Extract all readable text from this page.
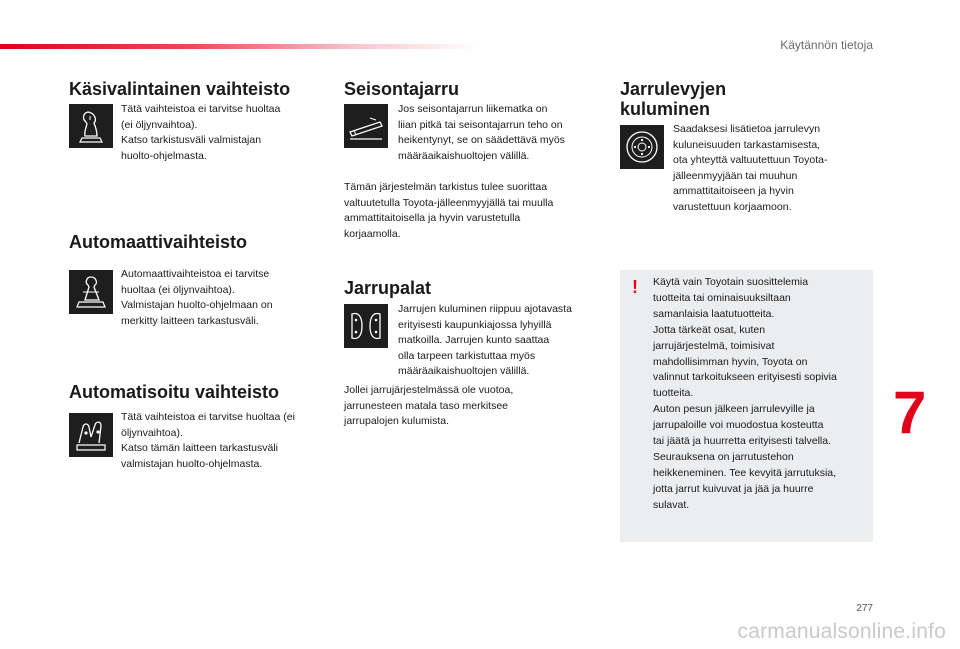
Käytännön tietoja
Käsivalintainen vaihteisto
Tätä vaihteistoa ei tarvitse huoltaa
(ei öljynvaihtoa).
Katso tarkistusväli valmistajan
huolto-ohjelmasta.
Automaattivaihteisto
Automaattivaihteistoa ei tarvitse
huoltaa (ei öljynvaihtoa).
Valmistajan huolto-ohjelmaan on
merkitty laitteen tarkastusväli.
Automatisoitu vaihteisto
Tätä vaihteistoa ei tarvitse huoltaa (ei
öljynvaihtoa).
Katso tämän laitteen tarkastusväli
valmistajan huolto-ohjelmasta.
Seisontajarru
Jos seisontajarrun liikematka on
liian pitkä tai seisontajarrun teho on
heikentynyt, se on säädettävä myös
määräaikaishuoltojen välillä.
Tämän järjestelmän tarkistus tulee suorittaa
valtuutetulla Toyota-jälleenmyyjällä tai muulla
ammattitaitoisella ja hyvin varustetulla
korjaamolla.
Jarrupalat
Jarrujen kuluminen riippuu ajotavasta
erityisesti kaupunkiajossa lyhyillä
matkoilla. Jarrujen kunto saattaa
olla tarpeen tarkistuttaa myös
määräaikaishuoltojen välillä.
Jollei jarrujärjestelmässä ole vuotoa,
jarrunesteen matala taso merkitsee
jarrupalojen kulumista.
Jarrulevyjen
kuluminen
Saadaksesi lisätietoa jarrulevyn
kuluneisuuden tarkastamisesta,
ota yhteyttä valtuutettuun Toyota-
jälleenmyyjään tai muuhun
ammattitaitoiseen ja hyvin
varustettuun korjaamoon.
!	Käytä vain Toyotain suosittelemia
tuotteita tai ominaisuuksiltaan
samanlaisia laatutuotteita.
Jotta tärkeät osat, kuten
jarrujärjestelmä, toimisivat
mahdollisimman hyvin, Toyota on
valinnut tarkoitukseen erityisesti sopivia
tuotteita.
Auton pesun jälkeen jarrulevyille ja
jarrupaloille voi muodostua kosteutta
tai jäätä ja huurretta erityisesti talvella.
Seurauksena on jarrutustehon
heikkeneminen. Tee kevyitä jarrutuksia,
jotta jarrut kuivuvat ja jää ja huurre
sulavat.
7
277
carmanualsonline.info
